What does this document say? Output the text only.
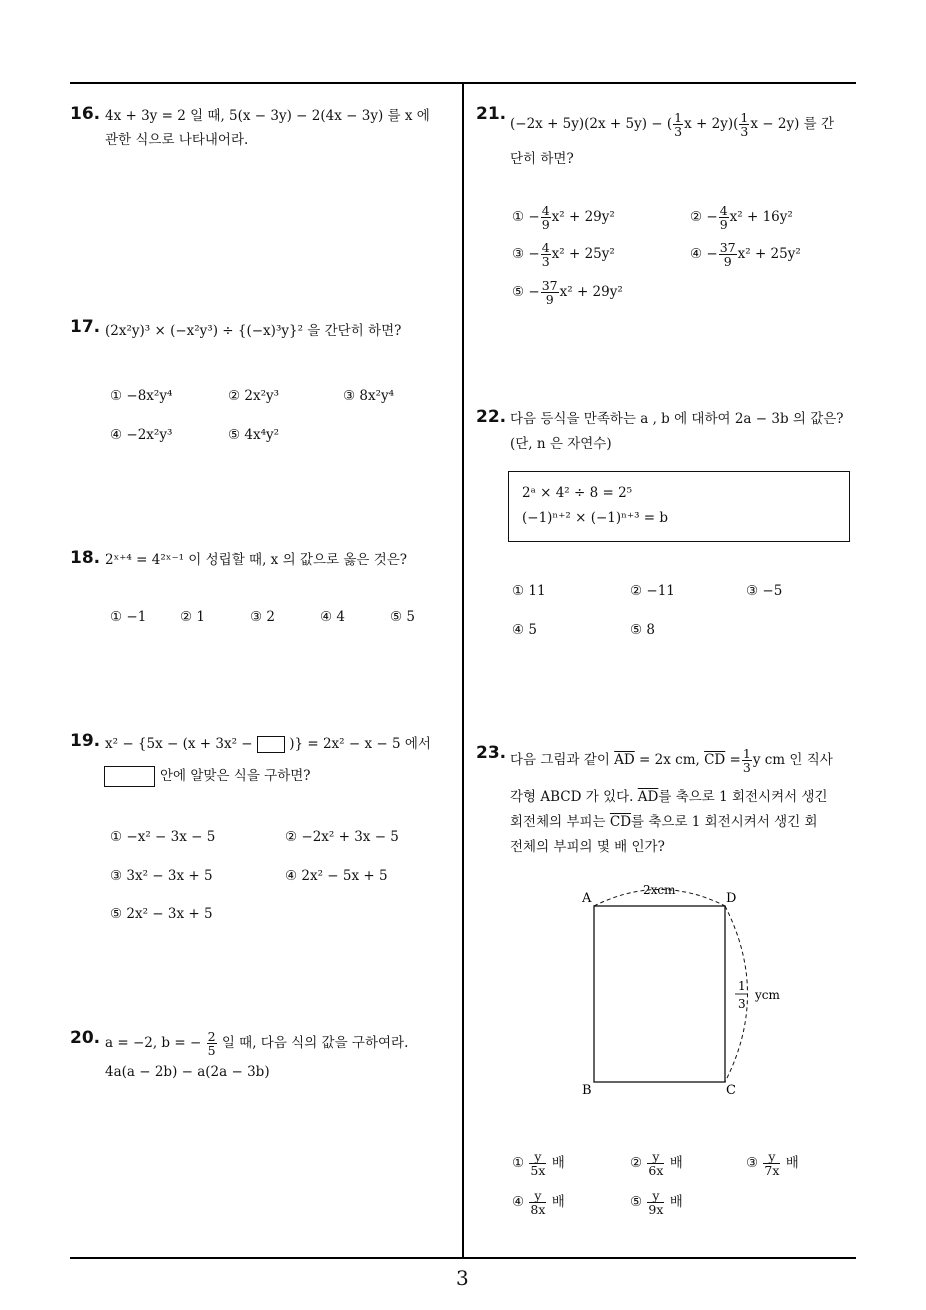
16. 4x + 3y = 2 일 때, 5(x − 3y) − 2(4x − 3y) 를 x 에
관한 식으로 나타내어라.
17. (2x²y)³ × (−x²y³) ÷ {(−x)³y}² 을 간단히 하면?
① −8x²y⁴	② 2x²y³	③ 8x²y⁴
④ −2x²y³	⑤ 4x⁴y²
18. 2ˣ⁺⁴ = 4²ˣ⁻¹ 이 성립할 때, x 의 값으로 옳은 것은?
① −1 ② 1	③ 2	④ 4	⑤ 5
19. x² − {5x − (x + 3x² −	)} = 2x² − x − 5 에서
안에 알맞은 식을 구하면?
① −x² − 3x − 5	② −2x² + 3x − 5
③ 3x² − 3x + 5	④ 2x² − 5x + 5
⑤ 2x² − 3x + 5
20. a = −2, b = − $\frac{2}{5}$ 일 때, 다음 식의 값을 구하여라.
4a(a − 2b) − a(2a − 3b)
21. (−2x + 5y)(2x + 5y) − ( $\frac{1}{3}$ $x + 2y)( \frac{1}{3}$ x − 2y) 를 간
단히 하면?
① − $\frac{4}{9} x^2 + 29y^2$	② − $\frac{4}{9} x^2 + 16y^2$
③ − $\frac{4}{3} x^2 + 25y^2$	④ − $\frac{37}{9} x^2 + 25y^2$
⑤ − $\frac{37}{9} x^2 + 29y^2$
22. 다음 등식을 만족하는 a , b 에 대하여 2a − 3b 의 값은?
(단, n 은 자연수)
2ᵃ × 4² ÷ 8 = 2⁵
(−1)ⁿ⁺² × (−1)ⁿ⁺³ = b
① 11	② −11	③ −5
④ 5	⑤ 8
23. 다음 그림과 같이 $\overline{AD} = 2x$ cm, $\overline{CD} = \frac{1}{3}$ y cm 인 직사
각형 ABCD 가 있다. $\overline{AD}$를 축으로 1 회전시켜서 생긴
회전체의 부피는 $\overline{CD}$를 축으로 1 회전시켜서 생긴 회
전체의 부피의 몇 배 인가?
A	D
B	C
2xcm
1
3
ycm
① $\frac{y}{5x}$ 배	② $\frac{y}{6x}$ 배	③ $\frac{y}{7x}$ 배
④ $\frac{y}{8x}$ 배	⑤ $\frac{y}{9x}$ 배
3
